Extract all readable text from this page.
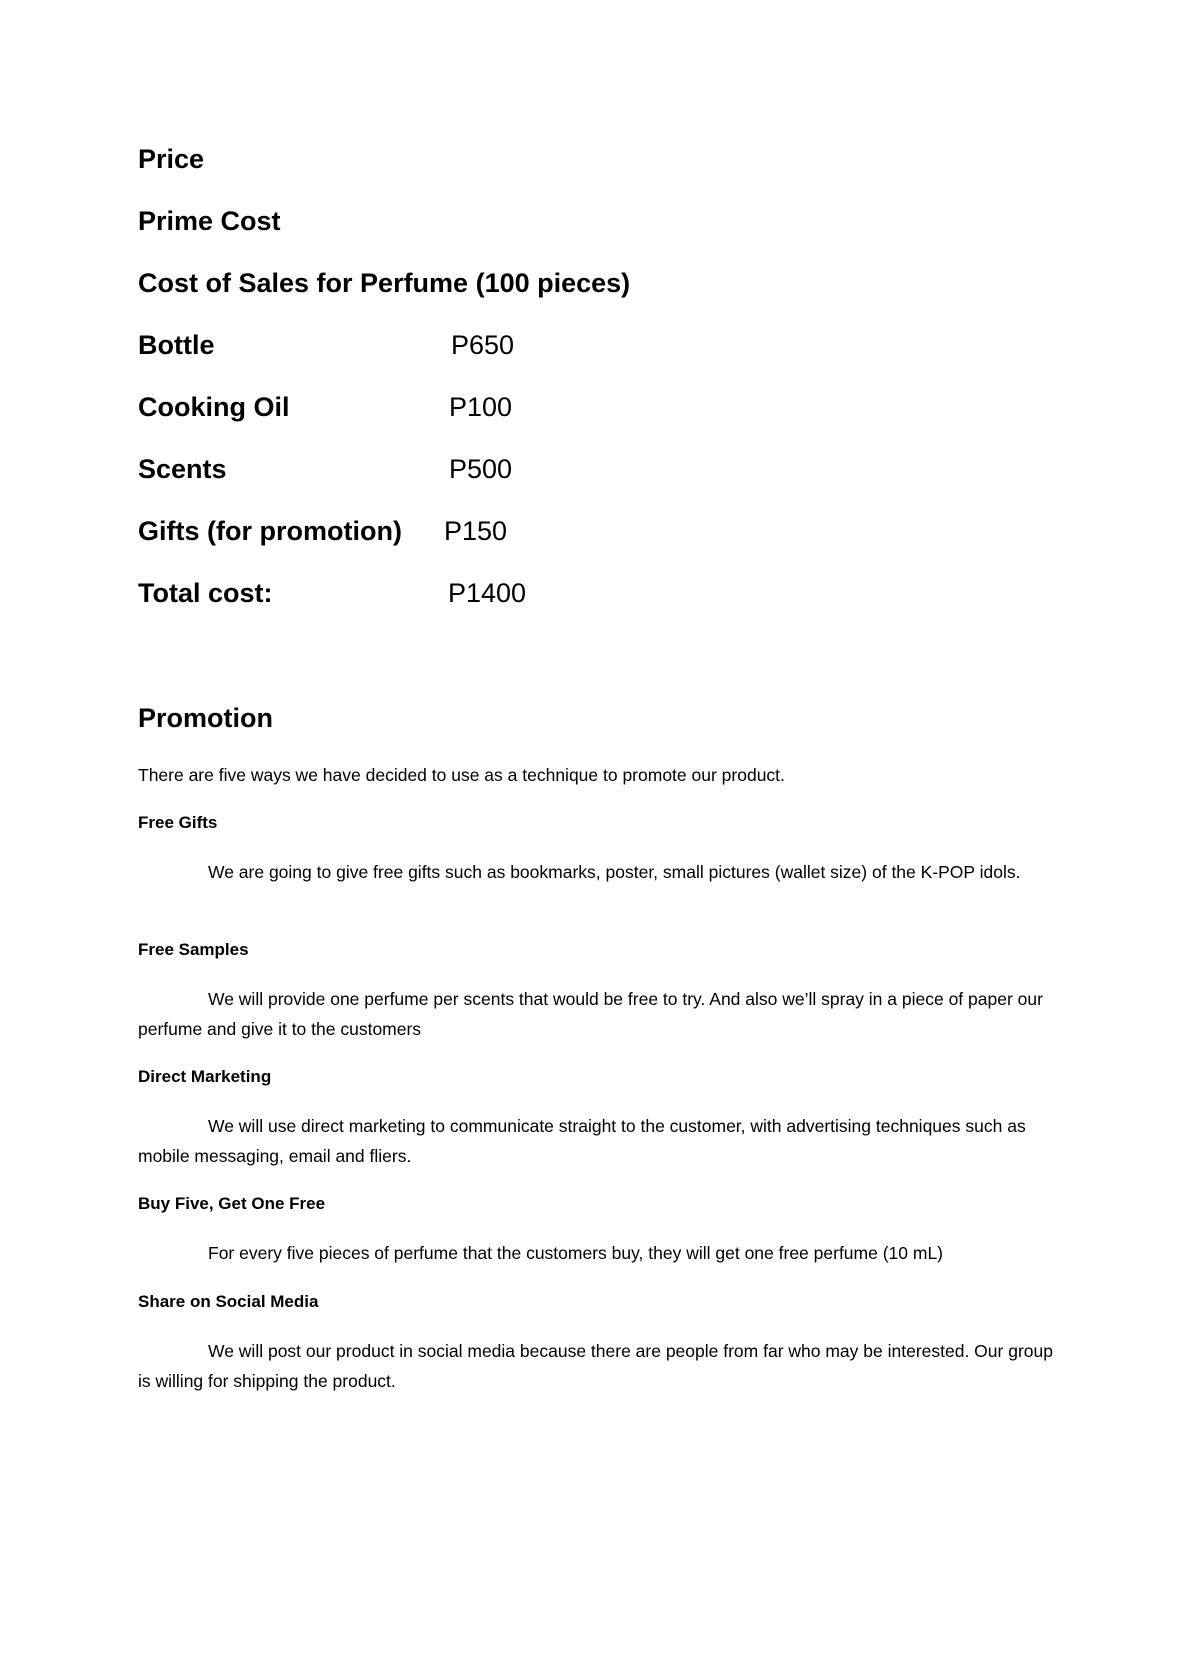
Price
Prime Cost
Cost of Sales for Perfume (100 pieces)
Bottle	P650
Cooking Oil	P100
Scents	P500
Gifts (for promotion) P150
Total cost:	P1400
Promotion

There are five ways we have decided to use as a technique to promote our product.

Free Gifts

We are going to give free gifts such as bookmarks, poster, small pictures (wallet size) of the K-POP idols.

Free Samples

We will provide one perfume per scents that would be free to try. And also we’ll spray in a piece of paper our perfume and give it to the customers

Direct Marketing

We will use direct marketing to communicate straight to the customer, with advertising techniques such as mobile messaging, email and fliers.

Buy Five, Get One Free

For every five pieces of perfume that the customers buy, they will get one free perfume (10 mL)

Share on Social Media

We will post our product in social media because there are people from far who may be interested. Our group is willing for shipping the product.
